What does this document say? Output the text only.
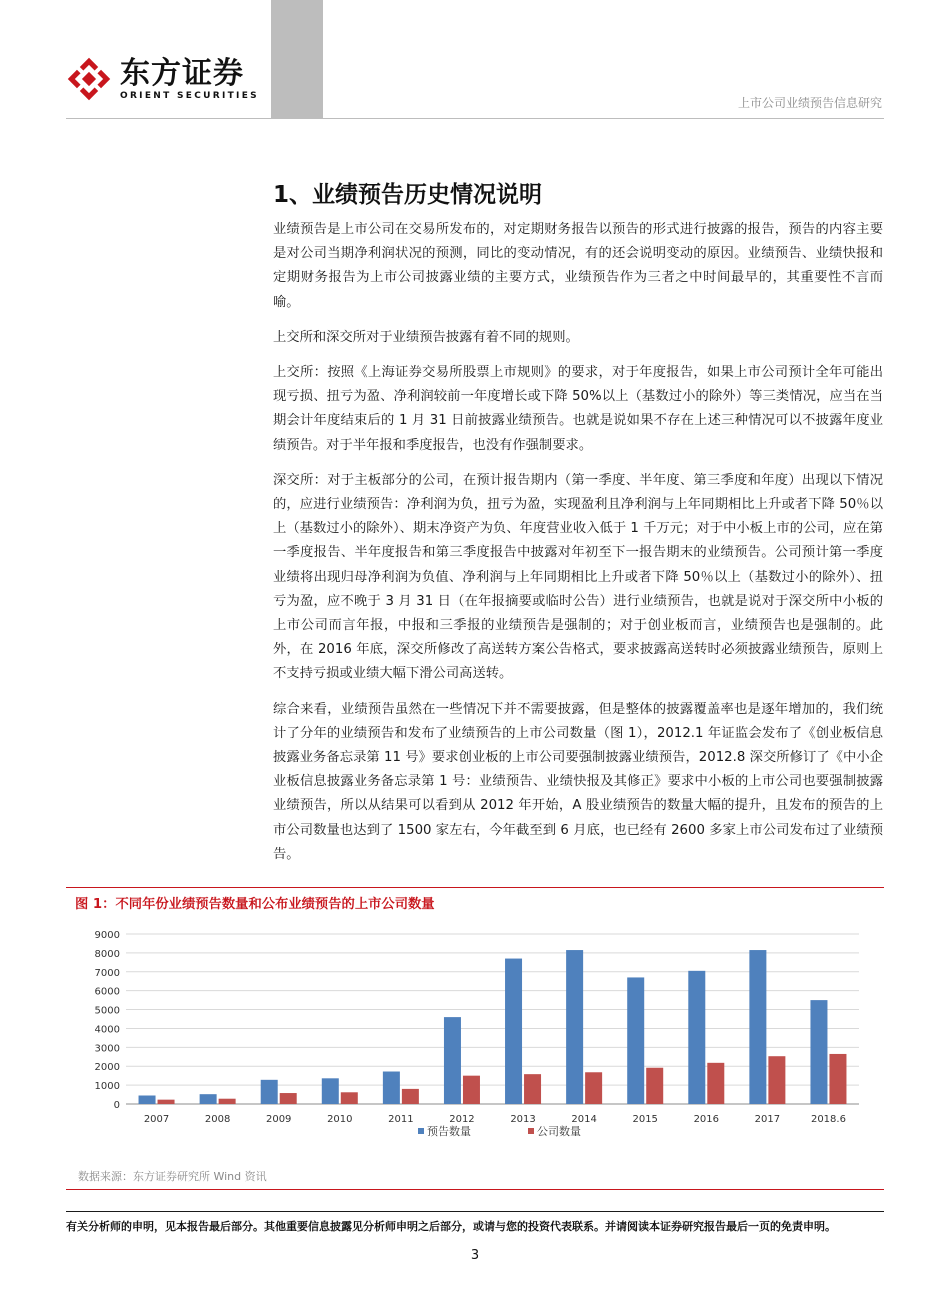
东方证券
ORIENT SECURITIES
上市公司业绩预告信息研究
1、业绩预告历史情况说明

业绩预告是上市公司在交易所发布的，对定期财务报告以预告的形式进行披露的报告，预告的内容主要是对公司当期净利润状况的预测，同比的变动情况，有的还会说明变动的原因。业绩预告、业绩快报和定期财务报告为上市公司披露业绩的主要方式，业绩预告作为三者之中时间最早的，其重要性不言而喻。

上交所和深交所对于业绩预告披露有着不同的规则。

上交所：按照《上海证券交易所股票上市规则》的要求，对于年度报告，如果上市公司预计全年可能出现亏损、扭亏为盈、净利润较前一年度增长或下降 50%以上（基数过小的除外）等三类情况，应当在当期会计年度结束后的 1 月 31 日前披露业绩预告。也就是说如果不存在上述三种情况可以不披露年度业绩预告。对于半年报和季度报告，也没有作强制要求。

深交所：对于主板部分的公司，在预计报告期内（第一季度、半年度、第三季度和年度）出现以下情况的，应进行业绩预告：净利润为负，扭亏为盈，实现盈利且净利润与上年同期相比上升或者下降 50％以上（基数过小的除外）、期末净资产为负、年度营业收入低于 1 千万元；对于中小板上市的公司，应在第一季度报告、半年度报告和第三季度报告中披露对年初至下一报告期末的业绩预告。公司预计第一季度业绩将出现归母净利润为负值、净利润与上年同期相比上升或者下降 50％以上（基数过小的除外）、扭亏为盈，应不晚于 3 月 31 日（在年报摘要或临时公告）进行业绩预告，也就是说对于深交所中小板的上市公司而言年报，中报和三季报的业绩预告是强制的；对于创业板而言，业绩预告也是强制的。此外，在 2016 年底，深交所修改了高送转方案公告格式，要求披露高送转时必须披露业绩预告，原则上不支持亏损或业绩大幅下滑公司高送转。

综合来看，业绩预告虽然在一些情况下并不需要披露，但是整体的披露覆盖率也是逐年增加的，我们统计了分年的业绩预告和发布了业绩预告的上市公司数量（图 1），2012.1 年证监会发布了《创业板信息披露业务备忘录第 11 号》要求创业板的上市公司要强制披露业绩预告，2012.8 深交所修订了《中小企业板信息披露业务备忘录第 1 号：业绩预告、业绩快报及其修正》要求中小板的上市公司也要强制披露业绩预告，所以从结果可以看到从 2012 年开始，A 股业绩预告的数量大幅的提升，且发布的预告的上市公司数量也达到了 1500 家左右，今年截至到 6 月底，也已经有 2600 多家上市公司发布过了业绩预告。

图 1：不同年份业绩预告数量和公布业绩预告的上市公司数量
0
1000
2000
3000
4000
5000
6000
7000
8000
9000
2007	2008	2009	2010	2011	2012	2013	2014	2015	2016	2017	2018.6
预告数量	公司数量
数据来源：东方证券研究所 Wind 资讯
有关分析师的申明，见本报告最后部分。其他重要信息披露见分析师申明之后部分，或请与您的投资代表联系。并请阅读本证券研究报告最后一页的免责申明。
3
